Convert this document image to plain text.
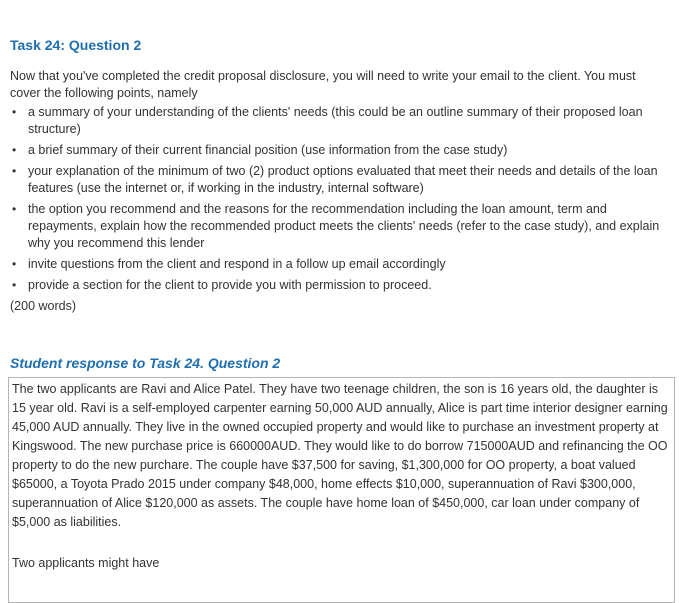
Task 24: Question 2

Now that you've completed the credit proposal disclosure, you will need to write your email to the client. You must cover the following points, namely

• a summary of your understanding of the clients' needs (this could be an outline summary of their proposed loan structure)
• a brief summary of their current financial position (use information from the case study)
• your explanation of the minimum of two (2) product options evaluated that meet their needs and details of the loan features (use the internet or, if working in the industry, internal software)
• the option you recommend and the reasons for the recommendation including the loan amount, term and repayments, explain how the recommended product meets the clients' needs (refer to the case study), and explain why you recommend this lender
• invite questions from the client and respond in a follow up email accordingly
• provide a section for the client to provide you with permission to proceed.

(200 words)

Student response to Task 24. Question 2

The two applicants are Ravi and Alice Patel. They have two teenage children, the son is 16 years old, the daughter is 15 year old. Ravi is a self-employed carpenter earning 50,000 AUD annually, Alice is part time interior designer earning 45,000 AUD annually. They live in the owned occupied property and would like to purchase an investment property at Kingswood. The new purchase price is 660000AUD. They would like to do borrow 715000AUD and refinancing the OO property to do the new purchare. The couple have $37,500 for saving, $1,300,000 for OO property, a boat valued $65000, a Toyota Prado 2015 under company $48,000, home effects $10,000, superannuation of Ravi $300,000, superannuation of Alice $120,000 as assets. The couple have home loan of $450,000, car loan under company of $5,000 as liabilities.

Two applicants might have
